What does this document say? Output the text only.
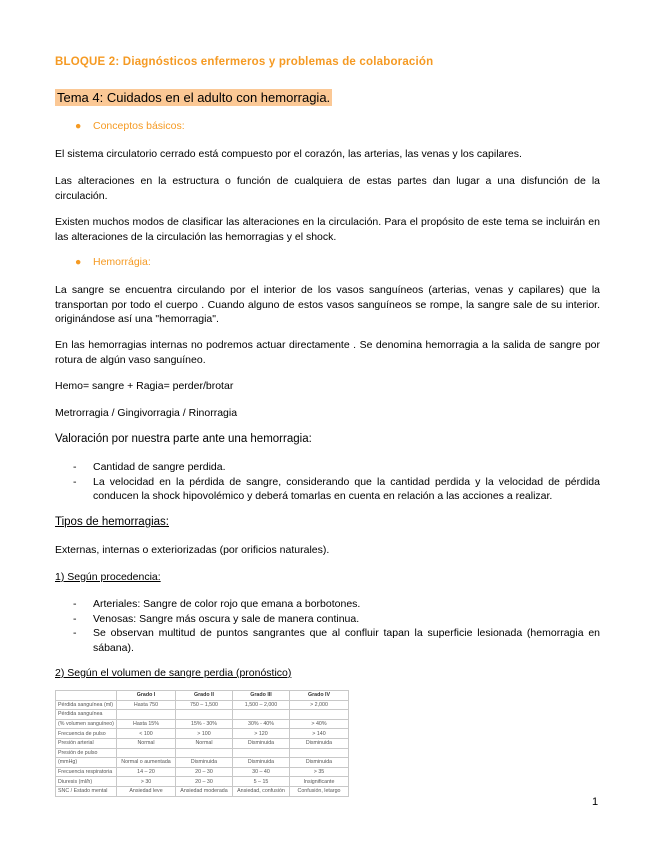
BLOQUE 2: Diagnósticos enfermeros y problemas de colaboración
Tema 4: Cuidados en el adulto con hemorragia.
● Conceptos básicos:
El sistema circulatorio cerrado está compuesto por el corazón, las arterias, las venas y los capilares.
Las alteraciones en la estructura o función de cualquiera de estas partes dan lugar a una disfunción de la circulación.
Existen muchos modos de clasificar las alteraciones en la circulación. Para el propósito de este tema se incluirán en las alteraciones de la circulación las hemorragias y el shock.
● Hemorrágia:
La sangre se encuentra circulando por el interior de los vasos sanguíneos (arterias, venas y capilares) que la transportan por todo el cuerpo . Cuando alguno de estos vasos sanguíneos se rompe, la sangre sale de su interior. originándose así una "hemorragia".
En las hemorragias internas no podremos actuar directamente . Se denomina hemorragia a la salida de sangre por rotura de algún vaso sanguíneo.
Hemo= sangre + Ragia= perder/brotar
Metrorragia / Gingivorragia / Rinorragia
Valoración por nuestra parte ante una hemorragia:
- Cantidad de sangre perdida.
- La velocidad en la pérdida de sangre, considerando que la cantidad perdida y la velocidad de pérdida conducen la shock hipovolémico y deberá tomarlas en cuenta en relación a las acciones a realizar.
Tipos de hemorragias:
Externas, internas o exteriorizadas (por orificios naturales).
1) Según procedencia:
- Arteriales: Sangre de color rojo que emana a borbotones.
- Venosas: Sangre más oscura y sale de manera continua.
- Se observan multitud de puntos sangrantes que al confluir tapan la superficie lesionada (hemorragia en sábana).
2) Según el volumen de sangre perdia (pronóstico)
	Grado I	Grado II	Grado III	Grado IV
Pérdida sanguínea (ml)	Hasta 750	750 – 1,500	1,500 – 2,000	> 2,000
Pérdida sanguínea				
(% volumen sanguíneo)	Hasta 15%	15% - 30%	30% - 40%	> 40%
Frecuencia de pulso	< 100	> 100	> 120	> 140
Presión arterial	Normal	Normal	Disminuida	Disminuida
Presión de pulso				
(mmHg)	Normal o aumentada	Disminuida	Disminuida	Disminuida
Frecuencia respiratoria	14 – 20	20 – 30	30 – 40	> 35
Diuresis (ml/h)	> 30	20 – 30	5 – 15	Insignificante
SNC / Estado mental	Ansiedad leve	Ansiedad moderada	Ansiedad, confusión	Confusión, letargo
1
